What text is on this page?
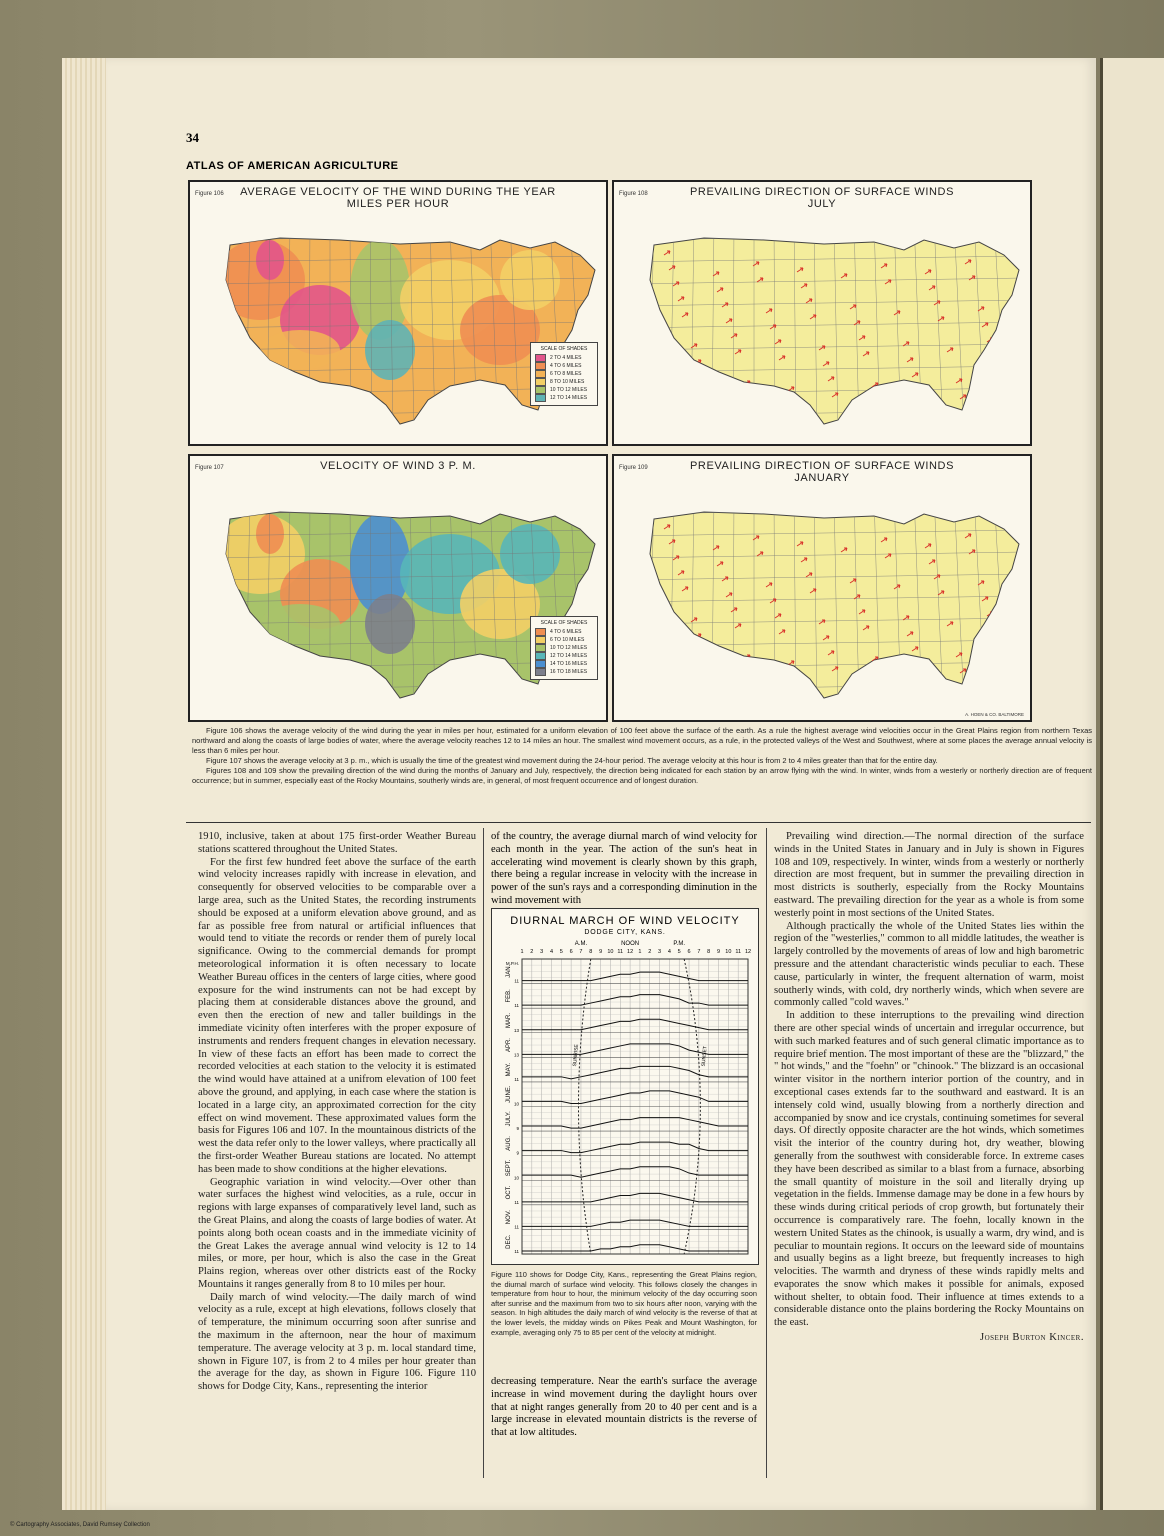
34
ATLAS OF AMERICAN AGRICULTURE
Figure 106	AVERAGE VELOCITY OF THE WIND DURING THE YEAR
MILES PER HOUR
SCALE OF SHADES
2 TO 4 MILES
4 TO 6 MILES
6 TO 8 MILES
8 TO 10 MILES
10 TO 12 MILES
12 TO 14 MILES
Figure 108	PREVAILING DIRECTION OF SURFACE WINDS
JULY
Figure 107	VELOCITY OF WIND 3 P. M.
SCALE OF SHADES
4 TO 6 MILES
6 TO 10 MILES
10 TO 12 MILES
12 TO 14 MILES
14 TO 16 MILES
16 TO 18 MILES
Figure 109	PREVAILING DIRECTION OF SURFACE WINDS
JANUARY
A. HOEN & CO. BALTIMORE

Figure 106 shows the average velocity of the wind during the year in miles per hour, estimated for a uniform elevation of 100 feet above the surface of the earth. As a rule the highest average wind velocities occur in the Great Plains region from northern Texas northward and along the coasts of large bodies of water, where the average velocity reaches 12 to 14 miles an hour. The smallest wind movement occurs, as a rule, in the protected valleys of the West and Southwest, where at some places the average annual velocity is less than 6 miles per hour.

Figure 107 shows the average velocity at 3 p. m., which is usually the time of the greatest wind movement during the 24-hour period. The average velocity at this hour is from 2 to 4 miles greater than that for the entire day.

Figures 108 and 109 show the prevailing direction of the wind during the months of January and July, respectively, the direction being indicated for each station by an arrow flying with the wind. In winter, winds from a westerly or northerly direction are of frequent occurrence; but in summer, especially east of the Rocky Mountains, southerly winds are, in general, of most frequent occurrence and of longest duration.

1910, inclusive, taken at about 175 first-order Weather Bureau stations scattered throughout the United States.

For the first few hundred feet above the surface of the earth wind velocity increases rapidly with increase in elevation, and consequently for observed velocities to be comparable over a large area, such as the United States, the recording instruments should be exposed at a uniform elevation above ground, and as far as possible free from natural or artificial influences that would tend to vitiate the records or render them of purely local significance. Owing to the commercial demands for prompt meteorological information it is often necessary to locate Weather Bureau offices in the centers of large cities, where good exposure for the wind instruments can not be had except by placing them at considerable distances above the ground, and even then the erection of new and taller buildings in the immediate vicinity often interferes with the proper exposure of instruments and renders frequent changes in elevation necessary. In view of these facts an effort has been made to correct the recorded velocities at each station to the velocity it is estimated the wind would have attained at a unifrom elevation of 100 feet above the ground, and applying, in each case where the station is located in a large city, an approximated correction for the city effect on wind movement. These approximated values form the basis for Figures 106 and 107. In the mountainous districts of the west the data refer only to the lower valleys, where practically all the first-order Weather Bureau stations are located. No attempt has been made to show conditions at the higher elevations.

Geographic variation in wind velocity.—Over other than water surfaces the highest wind velocities, as a rule, occur in regions with large expanses of comparatively level land, such as the Great Plains, and along the coasts of large bodies of water. At points along both ocean coasts and in the immediate vicinity of the Great Lakes the average annual wind velocity is 12 to 14 miles, or more, per hour, which is also the case in the Great Plains region, whereas over other districts east of the Rocky Mountains it ranges generally from 8 to 10 miles per hour.

Daily march of wind velocity.—The daily march of wind velocity as a rule, except at high elevations, follows closely that of temperature, the minimum occurring soon after sunrise and the maximum in the afternoon, near the hour of maximum temperature. The average velocity at 3 p. m. local standard time, shown in Figure 107, is from 2 to 4 miles per hour greater than the average for the day, as shown in Figure 106. Figure 110 shows for Dodge City, Kans., representing the interior

of the country, the average diurnal march of wind velocity for each month in the year. The action of the sun's heat in accelerating wind movement is clearly shown by this graph, there being a regular increase in velocity with the increase in power of the sun's rays and a corresponding diminution in the wind movement with
DIURNAL MARCH OF WIND VELOCITY
DODGE CITY, KANS.
1 2 3 4 5 6 7 8 9 10 11 12 1 2 3 4 5 6 7 8 9 10 11 12
A.M.	NOON	P.M.
M.P.H.
JAN.
11
FEB.
11
MAR.
13
APR.
13
MAY.
11
JUNE.
10
JULY.
9
AUG.
9
SEPT.
10
OCT.
11
NOV.
11
DEC.
11
SUNRISE	SUNSET
Figure 110 shows for Dodge City, Kans., representing the Great Plains region, the diurnal march of surface wind velocity. This follows closely the changes in temperature from hour to hour, the minimum velocity of the day occurring soon after sunrise and the maximum from two to six hours after noon, varying with the season. In high altitudes the daily march of wind velocity is the reverse of that at the lower levels, the midday winds on Pikes Peak and Mount Washington, for example, averaging only 75 to 85 per cent of the velocity at midnight.
decreasing temperature. Near the earth's surface the average increase in wind movement during the daylight hours over that at night ranges generally from 20 to 40 per cent and is a large increase in elevated mountain districts is the reverse of that at low altitudes.

Prevailing wind direction.—The normal direction of the surface winds in the United States in January and in July is shown in Figures 108 and 109, respectively. In winter, winds from a westerly or northerly direction are most frequent, but in summer the prevailing direction in most districts is southerly, especially from the Rocky Mountains eastward. The prevailing direction for the year as a whole is from some westerly point in most sections of the United States.

Although practically the whole of the United States lies within the region of the "westerlies," common to all middle latitudes, the weather is largely controlled by the movements of areas of low and high barometric pressure and the attendant characteristic winds peculiar to each. These cause, particularly in winter, the frequent alternation of warm, moist southerly winds, with cold, dry northerly winds, which when severe are commonly called "cold waves."

In addition to these interruptions to the prevailing wind direction there are other special winds of uncertain and irregular occurrence, but with such marked features and of such general climatic importance as to require brief mention. The most important of these are the "blizzard," the " hot winds," and the "foehn" or "chinook." The blizzard is an occasional winter visitor in the northern interior portion of the country, and in exceptional cases extends far to the southward and eastward. It is an intensely cold wind, usually blowing from a northerly direction and accompanied by snow and ice crystals, continuing sometimes for several days. Of directly opposite character are the hot winds, which sometimes visit the interior of the country during hot, dry weather, blowing generally from the southwest with considerable force. In extreme cases they have been described as similar to a blast from a furnace, absorbing the small quantity of moisture in the soil and literally drying up vegetation in the fields. Immense damage may be done in a few hours by these winds during critical periods of crop growth, but fortunately their occurrence is comparatively rare. The foehn, locally known in the western United States as the chinook, is usually a warm, dry wind, and is peculiar to mountain regions. It occurs on the leeward side of mountains and usually begins as a light breeze, but frequently increases to high velocities. The warmth and dryness of these winds rapidly melts and evaporates the snow which makes it possible for animals, exposed without shelter, to obtain food. Their influence at times extends to a considerable distance onto the plains bordering the Rocky Mountains on the east.

Joseph Burton Kincer.
© Cartography Associates, David Rumsey Collection
